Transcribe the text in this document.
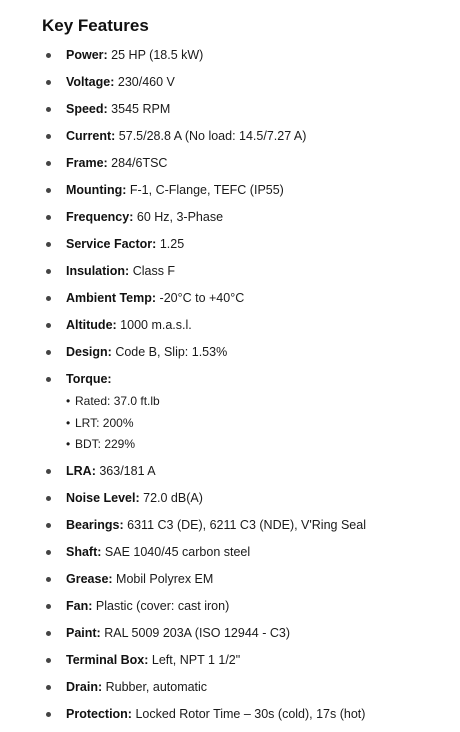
Key Features
Power: 25 HP (18.5 kW)
Voltage: 230/460 V
Speed: 3545 RPM
Current: 57.5/28.8 A (No load: 14.5/7.27 A)
Frame: 284/6TSC
Mounting: F-1, C-Flange, TEFC (IP55)
Frequency: 60 Hz, 3-Phase
Service Factor: 1.25
Insulation: Class F
Ambient Temp: -20°C to +40°C
Altitude: 1000 m.a.s.l.
Design: Code B, Slip: 1.53%
Torque:
• Rated: 37.0 ft.lb
• LRT: 200%
• BDT: 229%
LRA: 363/181 A
Noise Level: 72.0 dB(A)
Bearings: 6311 C3 (DE), 6211 C3 (NDE), V'Ring Seal
Shaft: SAE 1040/45 carbon steel
Grease: Mobil Polyrex EM
Fan: Plastic (cover: cast iron)
Paint: RAL 5009 203A (ISO 12944 - C3)
Terminal Box: Left, NPT 1 1/2"
Drain: Rubber, automatic
Protection: Locked Rotor Time – 30s (cold), 17s (hot)
